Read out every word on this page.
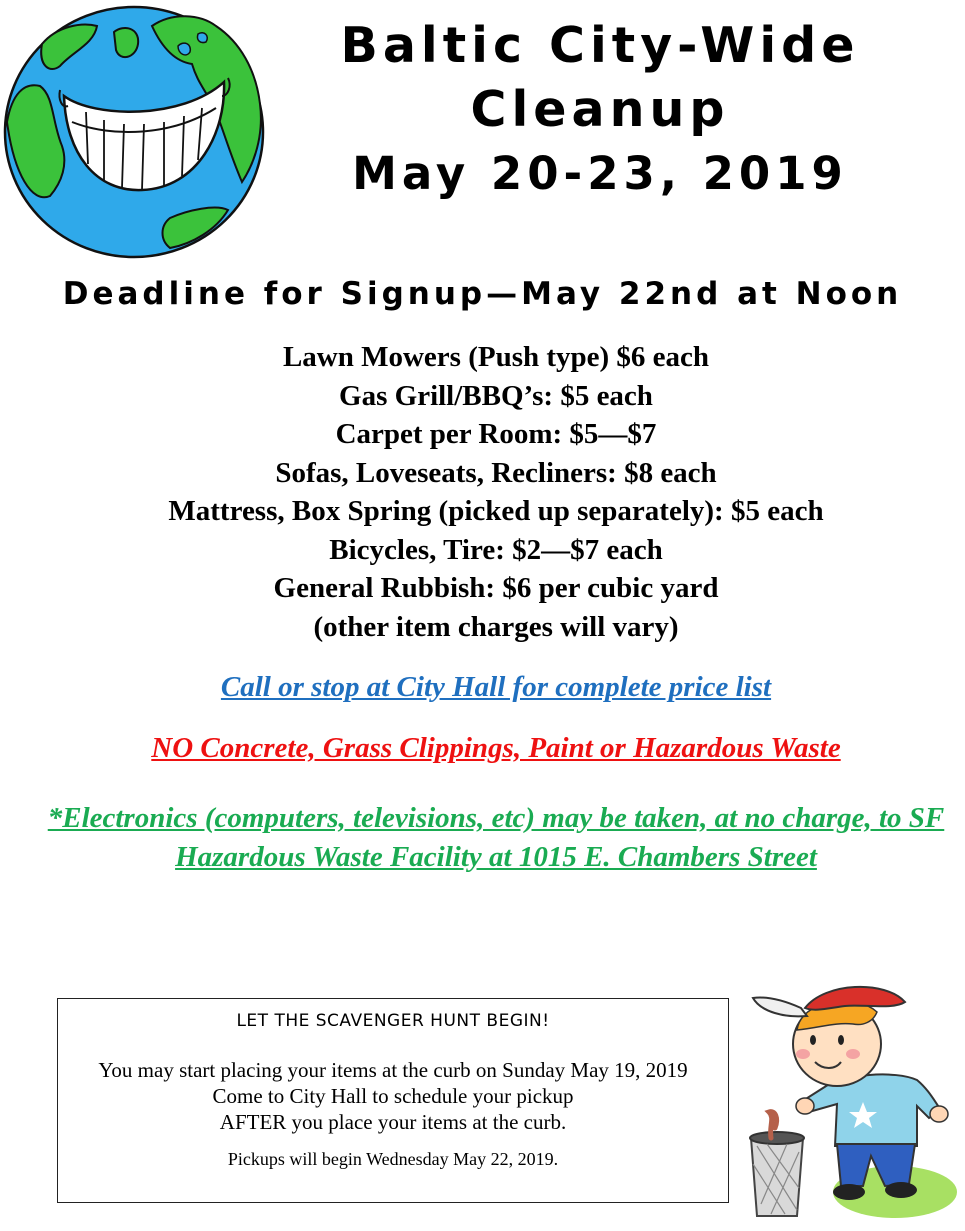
Baltic City-Wide
Cleanup
May 20-23, 2019
Deadline for Signup—May 22nd at Noon
Lawn Mowers (Push type) $6 each
Gas Grill/BBQ’s: $5 each
Carpet per Room: $5—$7
Sofas, Loveseats, Recliners: $8 each
Mattress, Box Spring (picked up separately): $5 each
Bicycles, Tire: $2—$7 each
General Rubbish: $6 per cubic yard
(other item charges will vary)
Call or stop at City Hall for complete price list
NO Concrete, Grass Clippings, Paint or Hazardous Waste
*Electronics (computers, televisions, etc) may be taken, at no charge, to SF Hazardous Waste Facility at 1015 E. Chambers Street
LET THE SCAVENGER HUNT BEGIN!
You may start placing your items at the curb on Sunday May 19, 2019
Come to City Hall to schedule your pickup
AFTER you place your items at the curb.
Pickups will begin Wednesday May 22, 2019.
